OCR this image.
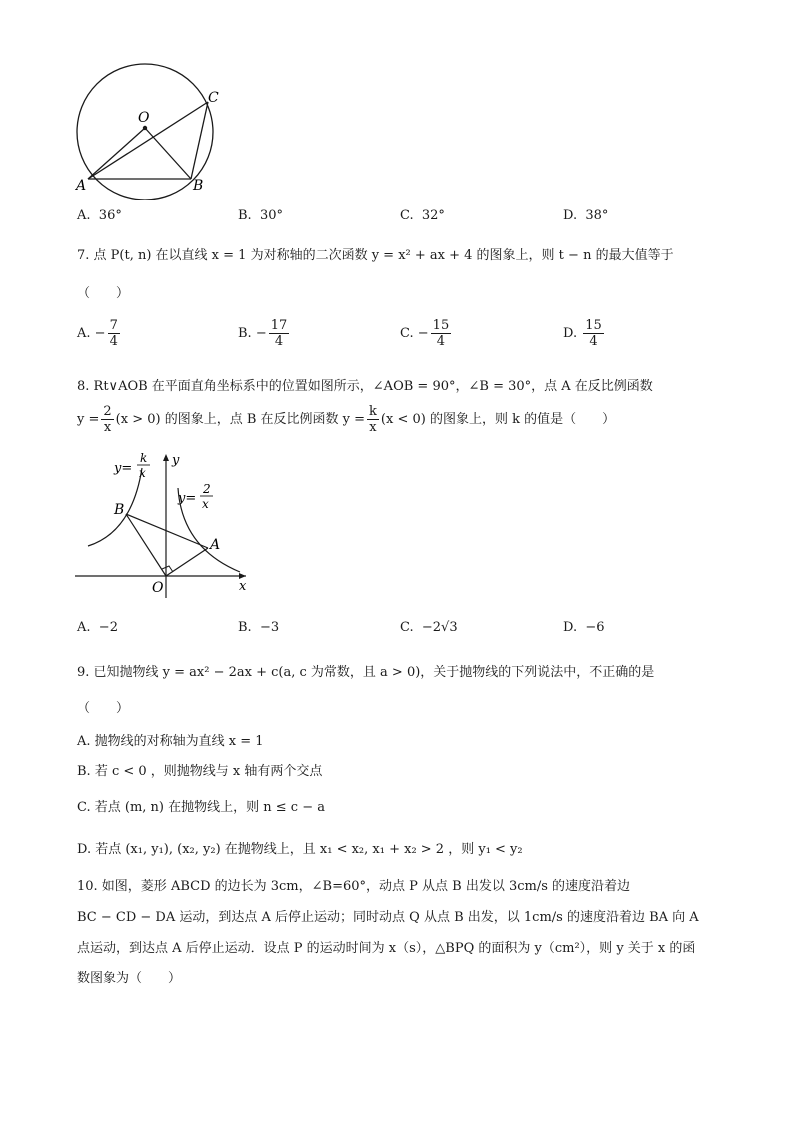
O
A	B
C
A. 36°	B. 30°	C. 32°	D. 38°
7. 点 P(t, n) 在以直线 x = 1 为对称轴的二次函数 y = x² + ax + 4 的图象上，则 t − n 的最大值等于
（　　）
A. − $\frac{7}{4}$	B. − $\frac{17}{4}$	C. − $\frac{15}{4}$	D. $\frac{15}{4}$
8. Rt∨AOB 在平面直角坐标系中的位置如图所示，∠AOB = 90°，∠B = 30°，点 A 在反比例函数
$y = \frac{2}{x} (x > 0)$ 的图象上，点 B 在反比例函数 $y = \frac{k}{x} (x < 0)$ 的图象上，则 k 的值是（　　）
y=
k
x
y=
2
x
B
A
O	x
y
A. −2	B. −3	C. −2√3	D. −6
9. 已知抛物线 y = ax² − 2ax + c(a, c 为常数，且 a > 0)，关于抛物线的下列说法中，不正确的是
（　　）
A. 抛物线的对称轴为直线 x = 1
B. 若 c < 0 ，则抛物线与 x 轴有两个交点
C. 若点 (m, n) 在抛物线上，则 n ≤ c − a
D. 若点 (x₁, y₁), (x₂, y₂) 在抛物线上，且 x₁ < x₂, x₁ + x₂ > 2 ，则 y₁ < y₂
10. 如图，菱形 ABCD 的边长为 3cm，∠B=60°，动点 P 从点 B 出发以 3cm/s 的速度沿着边
BC − CD − DA 运动，到达点 A 后停止运动；同时动点 Q 从点 B 出发，以 1cm/s 的速度沿着边 BA 向 A
点运动，到达点 A 后停止运动．设点 P 的运动时间为 x（s），△BPQ 的面积为 y（cm²），则 y 关于 x 的函
数图象为（　　）
